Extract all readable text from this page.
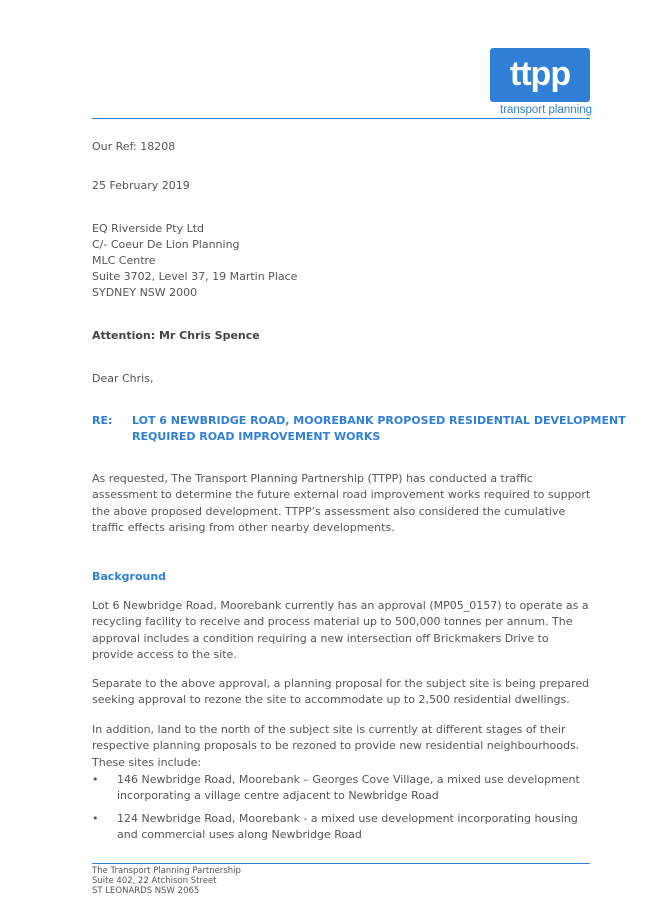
ttpp
transport planning
Our Ref: 18208
25 February 2019
EQ Riverside Pty Ltd
C/- Coeur De Lion Planning
MLC Centre
Suite 3702, Level 37, 19 Martin Place
SYDNEY NSW 2000
Attention: Mr Chris Spence
Dear Chris,
RE: LOT 6 NEWBRIDGE ROAD, MOOREBANK PROPOSED RESIDENTIAL DEVELOPMENT
REQUIRED ROAD IMPROVEMENT WORKS
As requested, The Transport Planning Partnership (TTPP) has conducted a traffic assessment to determine the future external road improvement works required to support the above proposed development. TTPP’s assessment also considered the cumulative traffic effects arising from other nearby developments.
Background
Lot 6 Newbridge Road, Moorebank currently has an approval (MP05_0157) to operate as a recycling facility to receive and process material up to 500,000 tonnes per annum. The approval includes a condition requiring a new intersection off Brickmakers Drive to provide access to the site.
Separate to the above approval, a planning proposal for the subject site is being prepared seeking approval to rezone the site to accommodate up to 2,500 residential dwellings.
In addition, land to the north of the subject site is currently at different stages of their respective planning proposals to be rezoned to provide new residential neighbourhoods. These sites include:
• 146 Newbridge Road, Moorebank – Georges Cove Village, a mixed use development incorporating a village centre adjacent to Newbridge Road
• 124 Newbridge Road, Moorebank - a mixed use development incorporating housing and commercial uses along Newbridge Road
The Transport Planning Partnership
Suite 402, 22 Atchison Street
ST LEONARDS NSW 2065
